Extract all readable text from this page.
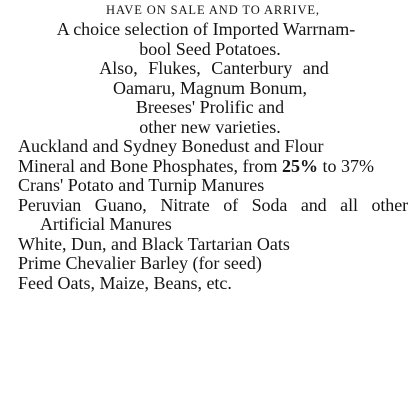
HAVE ON SALE AND TO ARRIVE,
A choice selection of Imported Warrnam-
bool Seed Potatoes.
Also, Flukes, Canterbury and
Oamaru, Magnum Bonum,
Breeses' Prolific and
other new varieties.
Auckland and Sydney Bonedust and Flour
Mineral and Bone Phosphates, from 25% to 37%
Crans' Potato and Turnip Manures
Peruvian Guano, Nitrate of Soda and all other Artificial Manures
White, Dun, and Black Tartarian Oats
Prime Chevalier Barley (for seed)
Feed Oats, Maize, Beans, etc.
